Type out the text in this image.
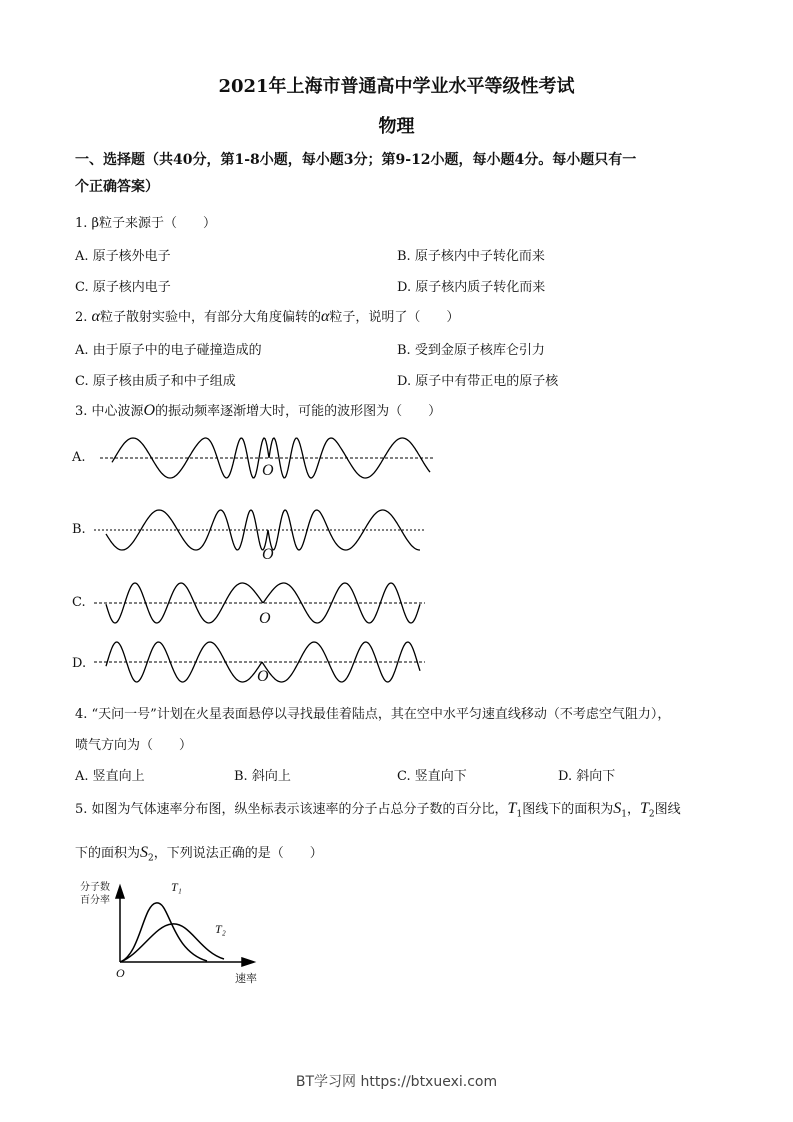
2021年上海市普通高中学业水平等级性考试
物理
一、选择题（共40分，第1-8小题，每小题3分；第9-12小题，每小题4分。每小题只有一
个正确答案）
1. β粒子来源于（　　）
A. 原子核外电子	B. 原子核内中子转化而来
C. 原子核内电子	D. 原子核内质子转化而来
2. α粒子散射实验中，有部分大角度偏转的α粒子，说明了（　　）
A. 由于原子中的电子碰撞造成的	B. 受到金原子核库仑引力
C. 原子核由质子和中子组成	D. 原子中有带正电的原子核
3. 中心波源O的振动频率逐渐增大时，可能的波形图为（　　）
A.
B.
C.
D.
O
O
O
O
4. “天问一号”计划在火星表面悬停以寻找最佳着陆点，其在空中水平匀速直线移动（不考虑空气阻力），
喷气方向为（　　）
A. 竖直向上	B. 斜向上	C. 竖直向下	D. 斜向下
5. 如图为气体速率分布图，纵坐标表示该速率的分子占总分子数的百分比，$T_1$图线下的面积为$S_1$，$T_2$图线
下的面积为$S_2$，下列说法正确的是（　　）
分子数
百分率
T₁
T₂
O	速率
BT学习网 https://btxuexi.com
